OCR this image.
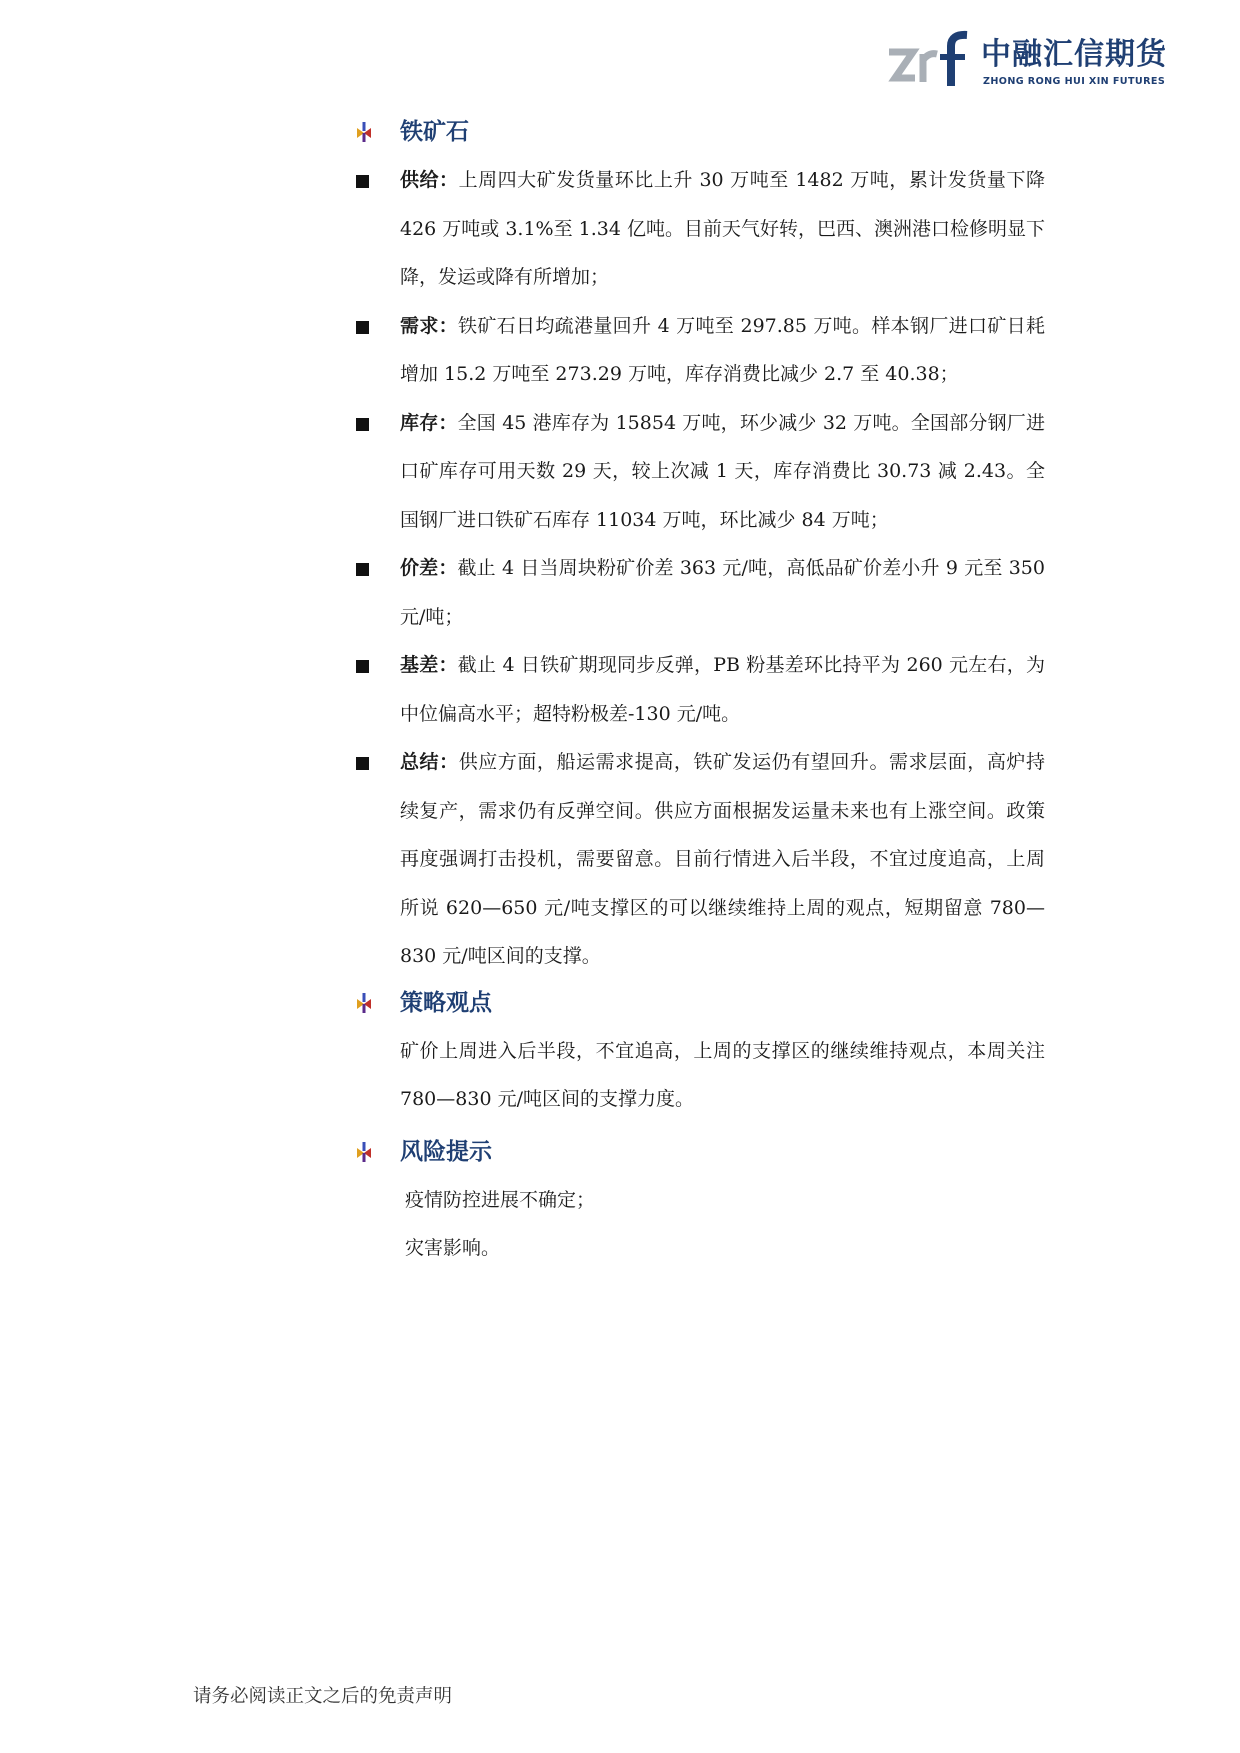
中融汇信期货
ZHONG RONG HUI XIN FUTURES
铁矿石
供给：上周四大矿发货量环比上升 30 万吨至 1482 万吨，累计发货量下降 426 万吨或 3.1%至 1.34 亿吨。目前天气好转，巴西、澳洲港口检修明显下降，发运或降有所增加；
需求：铁矿石日均疏港量回升 4 万吨至 297.85 万吨。样本钢厂进口矿日耗增加 15.2 万吨至 273.29 万吨，库存消费比减少 2.7 至 40.38；
库存：全国 45 港库存为 15854 万吨，环少减少 32 万吨。全国部分钢厂进口矿库存可用天数 29 天，较上次减 1 天，库存消费比 30.73 减 2.43。全国钢厂进口铁矿石库存 11034 万吨，环比减少 84 万吨；
价差：截止 4 日当周块粉矿价差 363 元/吨，高低品矿价差小升 9 元至 350 元/吨；
基差：截止 4 日铁矿期现同步反弹，PB 粉基差环比持平为 260 元左右，为中位偏高水平；超特粉极差-130 元/吨。
总结：供应方面，船运需求提高，铁矿发运仍有望回升。需求层面，高炉持续复产，需求仍有反弹空间。供应方面根据发运量未来也有上涨空间。政策再度强调打击投机，需要留意。目前行情进入后半段，不宜过度追高，上周所说 620—650 元/吨支撑区的可以继续维持上周的观点，短期留意 780—830 元/吨区间的支撑。
策略观点
矿价上周进入后半段，不宜追高，上周的支撑区的继续维持观点，本周关注 780—830 元/吨区间的支撑力度。
风险提示
疫情防控进展不确定；
灾害影响。
请务必阅读正文之后的免责声明
